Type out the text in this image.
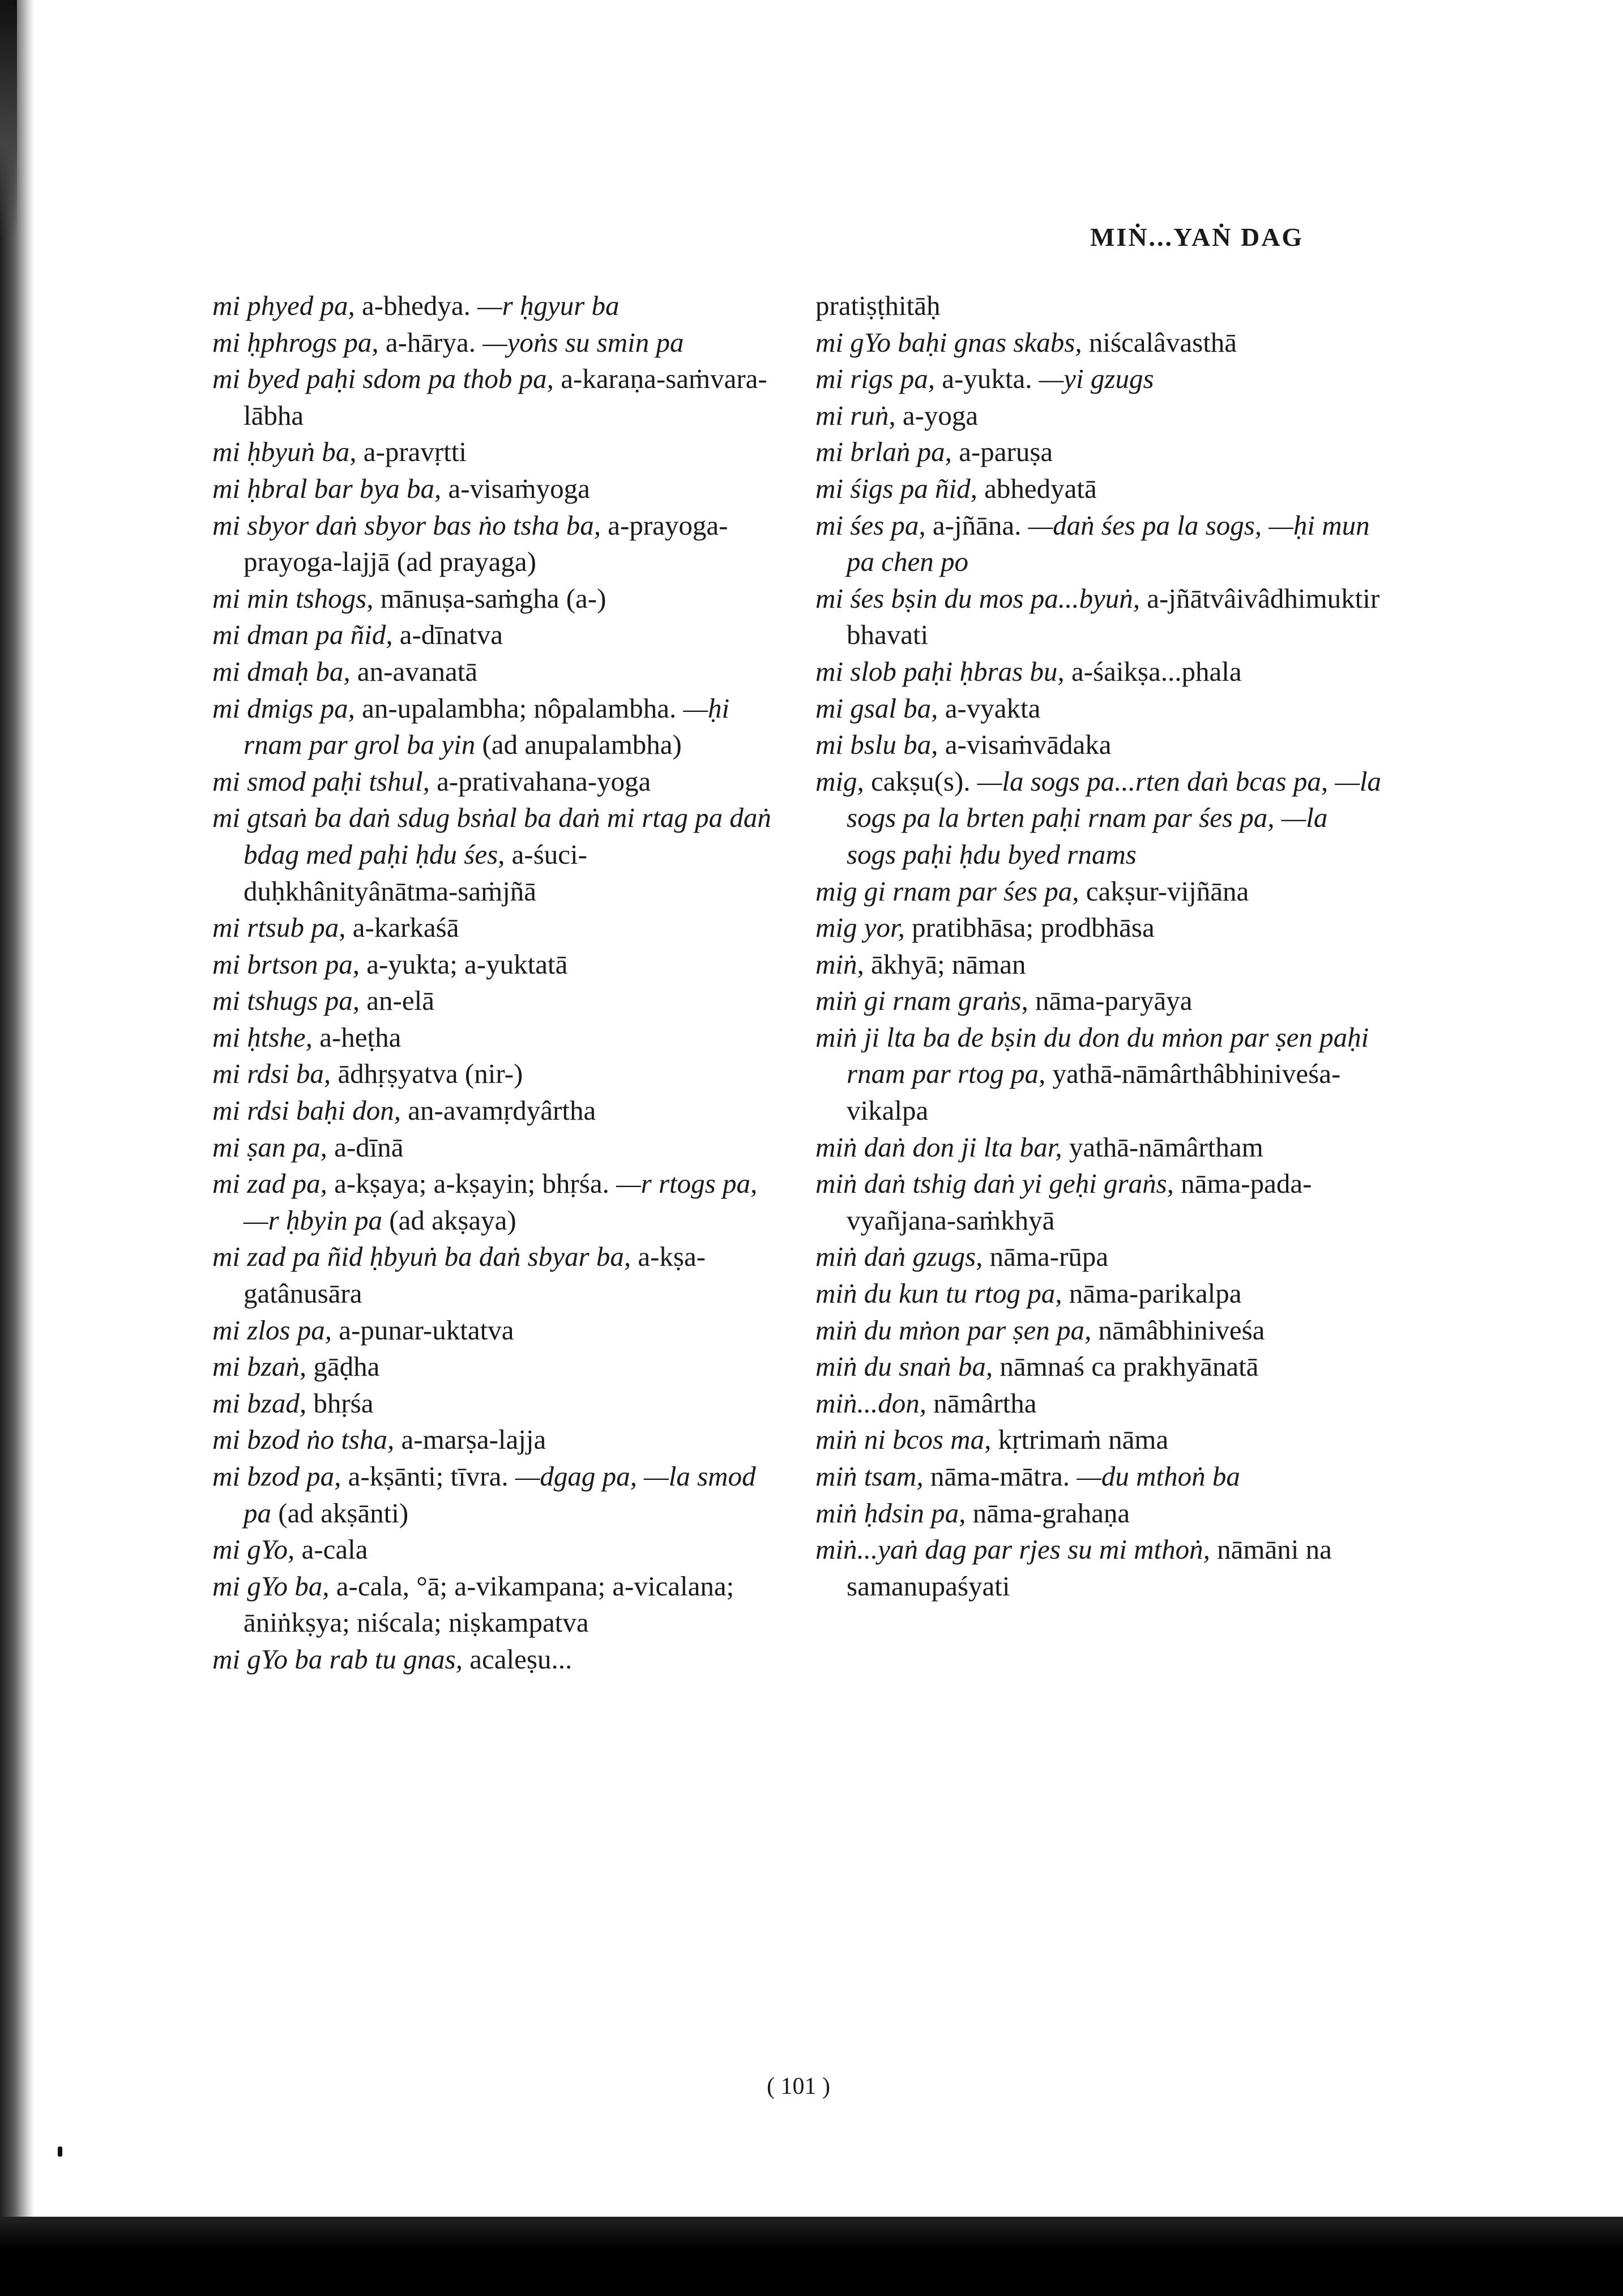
MIṄ...YAṄ DAG
mi phyed pa, a-bhedya. —r ḥgyur ba
mi ḥphrogs pa, a-hārya. —yoṅs su smin pa
mi byed paḥi sdom pa thob pa, a-karaṇa-saṁvara-lābha
mi ḥbyuṅ ba, a-pravṛtti
mi ḥbral bar bya ba, a-visaṁyoga
mi sbyor daṅ sbyor bas ṅo tsha ba, a-prayoga-prayoga-lajjā (ad prayaga)
mi min tshogs, mānuṣa-saṁgha (a-)
mi dman pa ñid, a-dīnatva
mi dmaḥ ba, an-avanatā
mi dmigs pa, an-upalambha; nôpalambha. —ḥi rnam par grol ba yin (ad anupalambha)
mi smod paḥi tshul, a-prativahana-yoga
mi gtsaṅ ba daṅ sdug bsṅal ba daṅ mi rtag pa daṅ bdag med paḥi ḥdu śes, a-śuci-duḥkhânityânātma-saṁjñā
mi rtsub pa, a-karkaśā
mi brtson pa, a-yukta; a-yuktatā
mi tshugs pa, an-elā
mi ḥtshe, a-heṭha
mi rdsi ba, ādhṛṣyatva (nir-)
mi rdsi baḥi don, an-avamṛdyârtha
mi ṣan pa, a-dīnā
mi zad pa, a-kṣaya; a-kṣayin; bhṛśa. —r rtogs pa, —r ḥbyin pa (ad akṣaya)
mi zad pa ñid ḥbyuṅ ba daṅ sbyar ba, a-kṣa-gatânusāra
mi zlos pa, a-punar-uktatva
mi bzaṅ, gāḍha
mi bzad, bhṛśa
mi bzod ṅo tsha, a-marṣa-lajja
mi bzod pa, a-kṣānti; tīvra. —dgag pa, —la smod pa (ad akṣānti)
mi gYo, a-cala
mi gYo ba, a-cala, °ā; a-vikampana; a-vicalana; āniṅkṣya; niścala; niṣkampatva
mi gYo ba rab tu gnas, acaleṣu...
pratiṣṭhitāḥ
mi gYo baḥi gnas skabs, niścalâvasthā
mi rigs pa, a-yukta. —yi gzugs
mi ruṅ, a-yoga
mi brlaṅ pa, a-paruṣa
mi śigs pa ñid, abhedyatā
mi śes pa, a-jñāna. —daṅ śes pa la sogs, —ḥi mun pa chen po
mi śes bṣin du mos pa...byuṅ, a-jñātvâivâdhimuktir bhavati
mi slob paḥi ḥbras bu, a-śaikṣa...phala
mi gsal ba, a-vyakta
mi bslu ba, a-visaṁvādaka
mig, cakṣu(s). —la sogs pa...rten daṅ bcas pa, —la sogs pa la brten paḥi rnam par śes pa, —la sogs paḥi ḥdu byed rnams
mig gi rnam par śes pa, cakṣur-vijñāna
mig yor, pratibhāsa; prodbhāsa
miṅ, ākhyā; nāman
miṅ gi rnam graṅs, nāma-paryāya
miṅ ji lta ba de bṣin du don du mṅon par ṣen paḥi rnam par rtog pa, yathā-nāmârthâbhiniveśa-vikalpa
miṅ daṅ don ji lta bar, yathā-nāmârtham
miṅ daṅ tshig daṅ yi geḥi graṅs, nāma-pada-vyañjana-saṁkhyā
miṅ daṅ gzugs, nāma-rūpa
miṅ du kun tu rtog pa, nāma-parikalpa
miṅ du mṅon par ṣen pa, nāmâbhiniveśa
miṅ du snaṅ ba, nāmnaś ca prakhyānatā
miṅ...don, nāmârtha
miṅ ni bcos ma, kṛtrimaṁ nāma
miṅ tsam, nāma-mātra. —du mthoṅ ba
miṅ ḥdsin pa, nāma-grahaṇa
miṅ...yaṅ dag par rjes su mi mthoṅ, nāmāni na samanupaśyati
( 101 )
